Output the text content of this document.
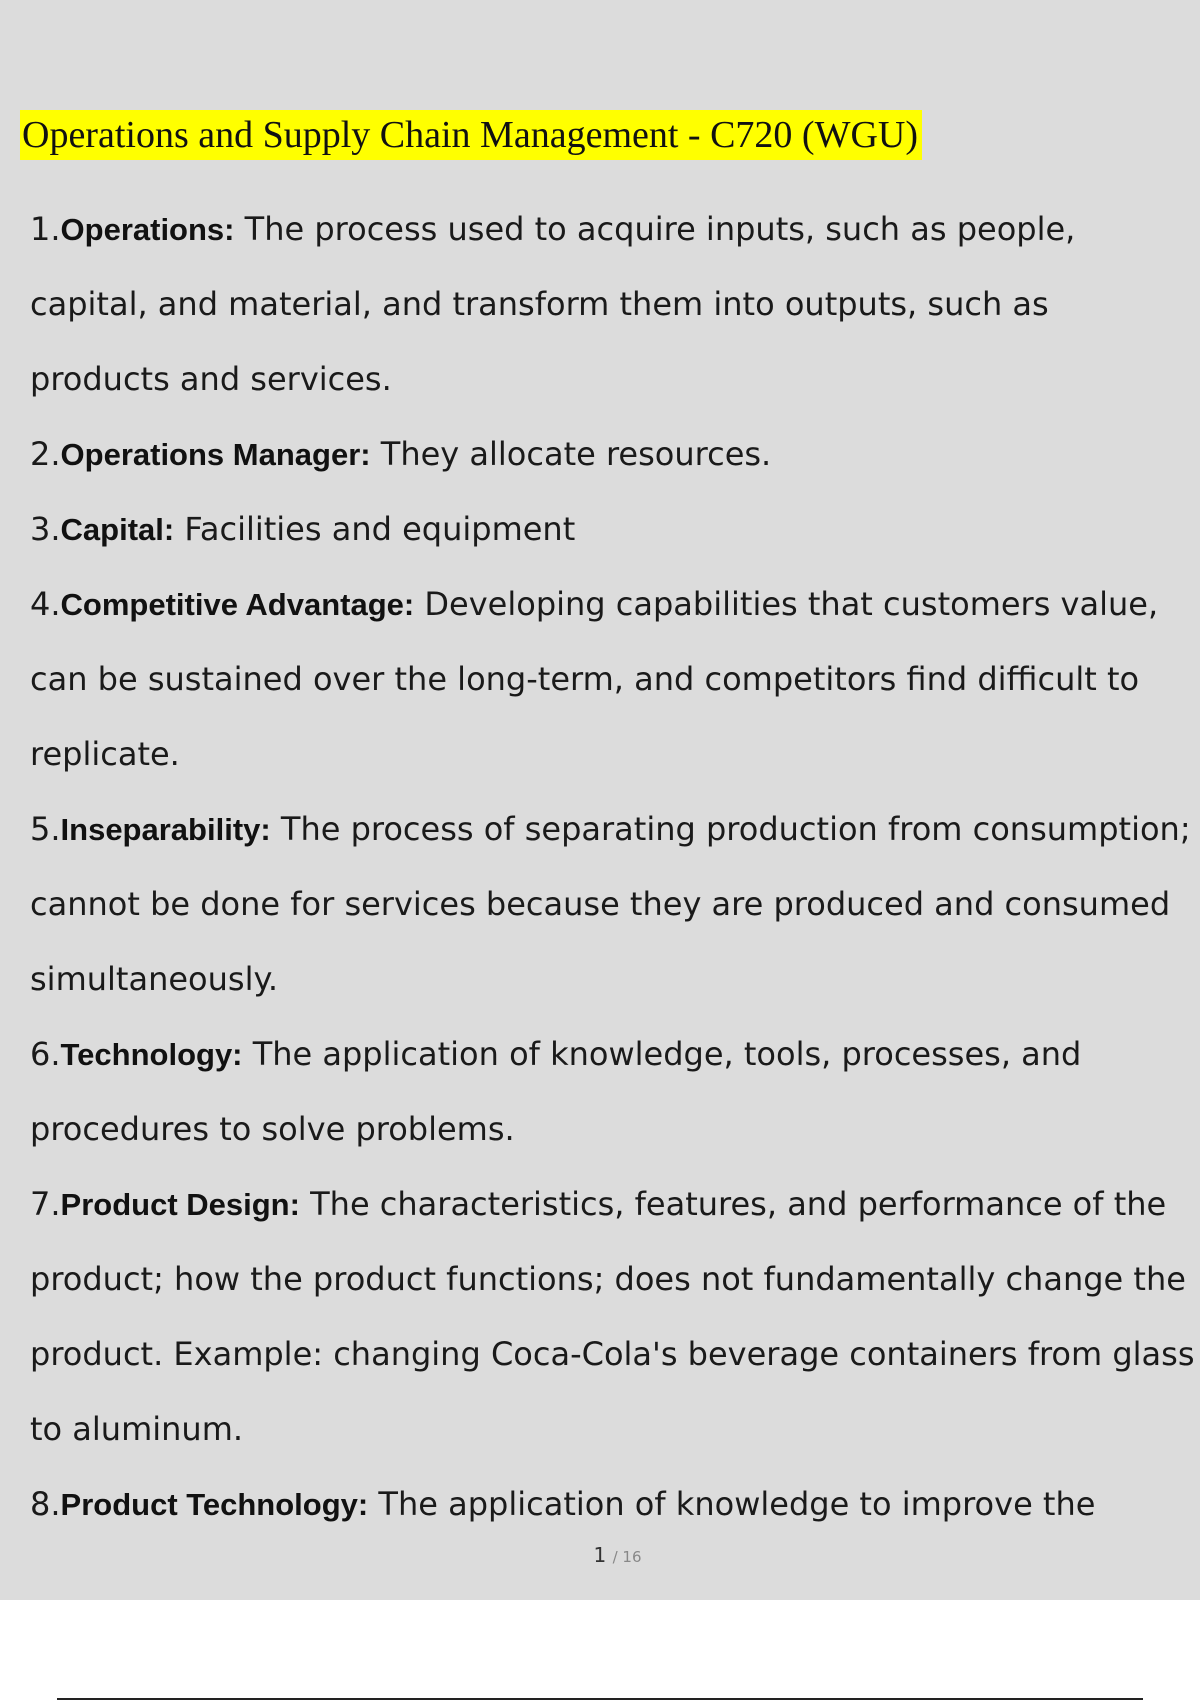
Operations and Supply Chain Management - C720 (WGU)
1.Operations: The process used to acquire inputs, such as people, capital, and material, and transform them into outputs, such as products and services.
2.Operations Manager: They allocate resources.
3.Capital: Facilities and equipment
4.Competitive Advantage: Developing capabilities that customers value, can be sustained over the long-term, and competitors find difficult to replicate.
5.Inseparability: The process of separating production from consumption; cannot be done for services because they are produced and consumed simultaneously.
6.Technology: The application of knowledge, tools, processes, and procedures to solve problems.
7.Product Design: The characteristics, features, and performance of the product; how the product functions; does not fundamentally change the product. Example: changing Coca-Cola's beverage containers from glass to aluminum.
8.Product Technology: The application of knowledge to improve the
1 / 16
